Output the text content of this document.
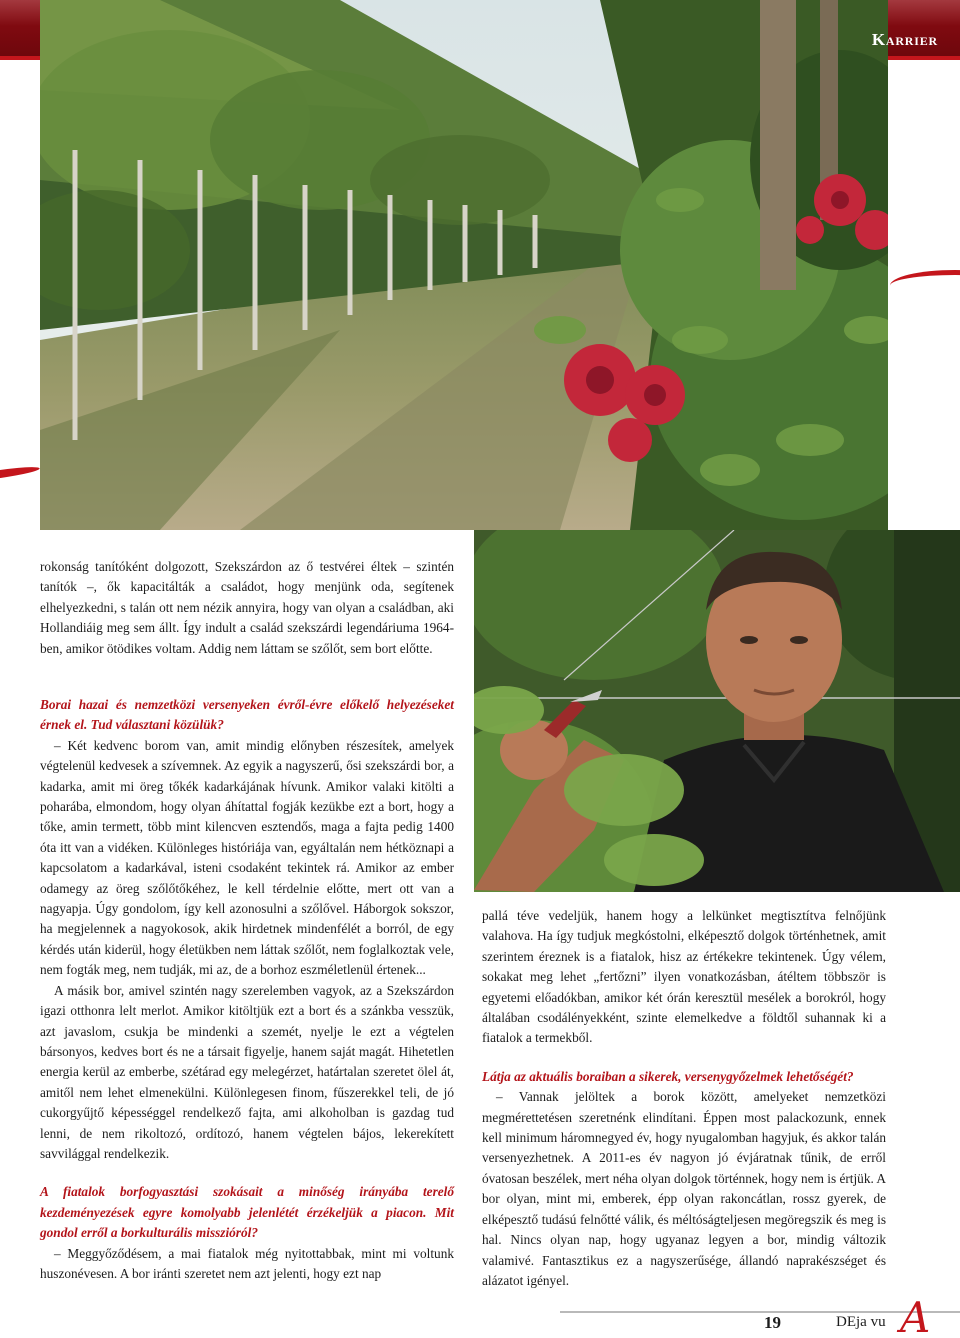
Karrier

rokonság tanítóként dolgozott, Szekszárdon az ő testvérei éltek – szintén tanítók –, ők kapacitálták a családot, hogy menjünk oda, segítenek elhelyezkedni, s talán ott nem nézik annyira, hogy van olyan a családban, aki Hollandiáig meg sem állt. Így indult a család szekszárdi legendáriuma 1964-ben, amikor ötödikes voltam. Addig nem láttam se szőlőt, sem bort előtte.

Borai hazai és nemzetközi versenyeken évről-évre előkelő helyezéseket érnek el. Tud választani közülük?

– Két kedvenc borom van, amit mindig előnyben részesítek, amelyek végtelenül kedvesek a szívemnek. Az egyik a nagyszerű, ősi szekszárdi bor, a kadarka, amit mi öreg tőkék kadarkájának hívunk. Amikor valaki kitölti a poharába, elmondom, hogy olyan áhítattal fogják kezükbe ezt a bort, hogy a tőke, amin termett, több mint kilencven esztendős, maga a fajta pedig 1400 óta itt van a vidéken. Különleges históriája van, egyáltalán nem hétköznapi a kapcsolatom a kadarkával, isteni csodaként tekintek rá. Amikor az ember odamegy az öreg szőlőtőkéhez, le kell térdelnie előtte, mert ott van a nagyapja. Úgy gondolom, így kell azonosulni a szőlővel. Háborgok sokszor, ha megjelennek a nagyokosok, akik hirdetnek mindenfélét a borról, de egy kérdés után kiderül, hogy életükben nem láttak szőlőt, nem foglalkoztak vele, nem fogták meg, nem tudják, mi az, de a borhoz eszméletlenül értenek...

A másik bor, amivel szintén nagy szerelemben vagyok, az a Szekszárdon igazi otthonra lelt merlot. Amikor kitöltjük ezt a bort és a szánkba vesszük, azt javaslom, csukja be mindenki a szemét, nyelje le ezt a végtelen bársonyos, kedves bort és ne a társait figyelje, hanem saját magát. Hihetetlen energia kerül az emberbe, szétárad egy melegérzet, határtalan szeretet ölel át, amitől nem lehet elmenekülni. Különlegesen finom, fűszerekkel teli, de jó cukorgyűjtő képességgel rendelkező fajta, ami alkoholban is gazdag tud lenni, de nem rikoltozó, ordítozó, hanem végtelen bájos, lekerekített savvilággal rendelkezik.

A fiatalok borfogyasztási szokásait a minőség irányába terelő kezdeményezések egyre komolyabb jelenlétét érzékeljük a piacon. Mit gondol erről a borkulturális misszióról?

– Meggyőződésem, a mai fiatalok még nyitottabbak, mint mi voltunk huszonévesen. A bor iránti szeretet nem azt jelenti, hogy ezt nap

pallá téve vedeljük, hanem hogy a lelkünket megtisztítva felnőjünk valahova. Ha így tudjuk megkóstolni, elképesztő dolgok történhetnek, amit szerintem éreznek is a fiatalok, hisz az értékekre tekintenek. Úgy vélem, sokakat meg lehet „fertőzni” ilyen vonatkozásban, átéltem többször is egyetemi előadókban, amikor két órán keresztül mesélek a borokról, hogy általában csodálényekként, szinte elemelkedve a földtől suhannak ki a fiatalok a termekből.

Látja az aktuális boraiban a sikerek, versenygyőzelmek lehetőségét?

– Vannak jelöltek a borok között, amelyeket nemzetközi megmérettetésen szeretnénk elindítani. Éppen most palackozunk, ennek kell minimum háromnegyed év, hogy nyugalomban hagyjuk, és akkor talán versenyezhetnek. A 2011-es év nagyon jó évjáratnak tűnik, de erről óvatosan beszélek, mert néha olyan dolgok történnek, hogy nem is értjük. A bor olyan, mint mi, emberek, épp olyan rakoncátlan, rossz gyerek, de elképesztő tudású felnőtté válik, és méltóságteljesen megöregszik és meg is hal. Nincs olyan nap, hogy ugyanaz legyen a bor, mindig változik valamivé. Fantasztikus ez a nagyszerűsége, állandó naprakészséget és alázatot igényel.

19	DEja vu A
